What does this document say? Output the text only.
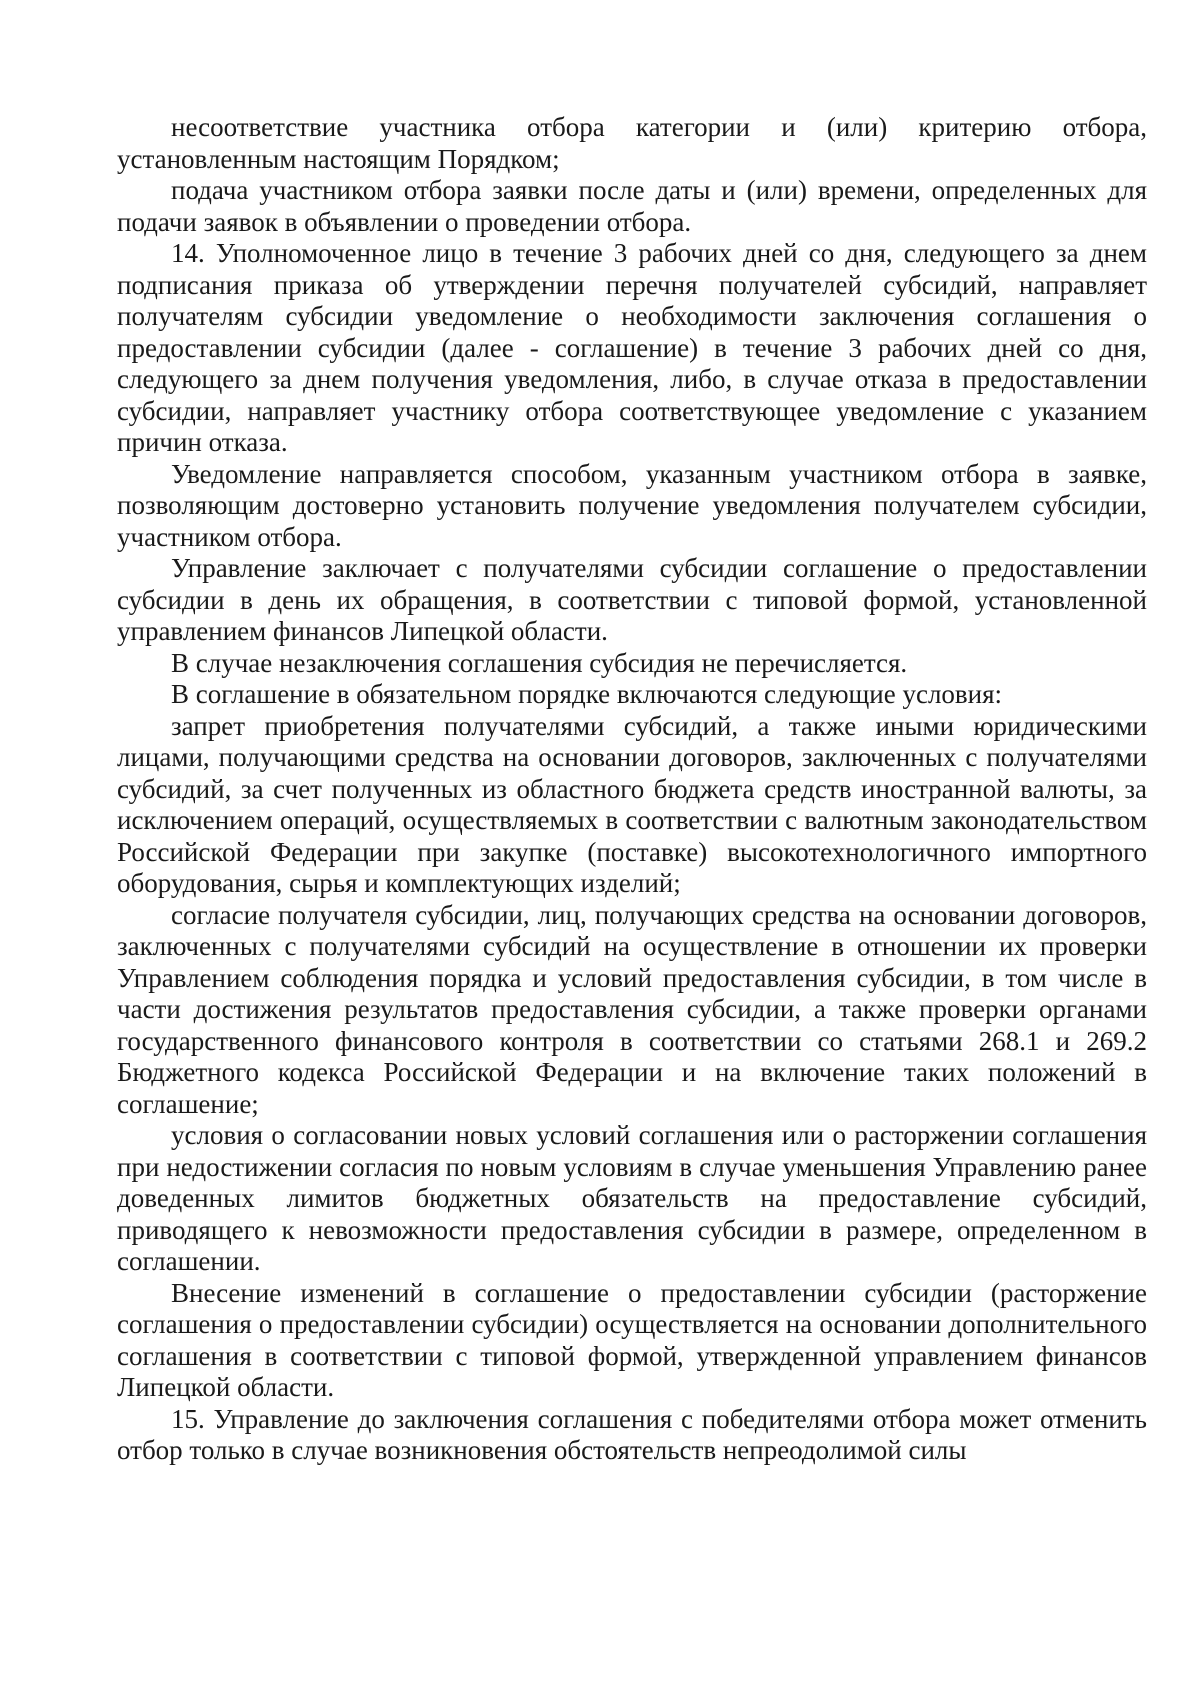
несоответствие участника отбора категории и (или) критерию отбора, установленным настоящим Порядком;

подача участником отбора заявки после даты и (или) времени, определенных для подачи заявок в объявлении о проведении отбора.

14. Уполномоченное лицо в течение 3 рабочих дней со дня, следующего за днем подписания приказа об утверждении перечня получателей субсидий, направляет получателям субсидии уведомление о необходимости заключения соглашения о предоставлении субсидии (далее - соглашение) в течение 3 рабочих дней со дня, следующего за днем получения уведомления, либо, в случае отказа в предоставлении субсидии, направляет участнику отбора соответствующее уведомление с указанием причин отказа.

Уведомление направляется способом, указанным участником отбора в заявке, позволяющим достоверно установить получение уведомления получателем субсидии, участником отбора.

Управление заключает с получателями субсидии соглашение о предоставлении субсидии в день их обращения, в соответствии с типовой формой, установленной управлением финансов Липецкой области.

В случае незаключения соглашения субсидия не перечисляется.

В соглашение в обязательном порядке включаются следующие условия:

запрет приобретения получателями субсидий, а также иными юридическими лицами, получающими средства на основании договоров, заключенных с получателями субсидий, за счет полученных из областного бюджета средств иностранной валюты, за исключением операций, осуществляемых в соответствии с валютным законодательством Российской Федерации при закупке (поставке) высокотехнологичного импортного оборудования, сырья и комплектующих изделий;

согласие получателя субсидии, лиц, получающих средства на основании договоров, заключенных с получателями субсидий на осуществление в отношении их проверки Управлением соблюдения порядка и условий предоставления субсидии, в том числе в части достижения результатов предоставления субсидии, а также проверки органами государственного финансового контроля в соответствии со статьями 268.1 и 269.2 Бюджетного кодекса Российской Федерации и на включение таких положений в соглашение;

условия о согласовании новых условий соглашения или о расторжении соглашения при недостижении согласия по новым условиям в случае уменьшения Управлению ранее доведенных лимитов бюджетных обязательств на предоставление субсидий, приводящего к невозможности предоставления субсидии в размере, определенном в соглашении.

Внесение изменений в соглашение о предоставлении субсидии (расторжение соглашения о предоставлении субсидии) осуществляется на основании дополнительного соглашения в соответствии с типовой формой, утвержденной управлением финансов Липецкой области.

15. Управление до заключения соглашения с победителями отбора может отменить отбор только в случае возникновения обстоятельств непреодолимой силы
